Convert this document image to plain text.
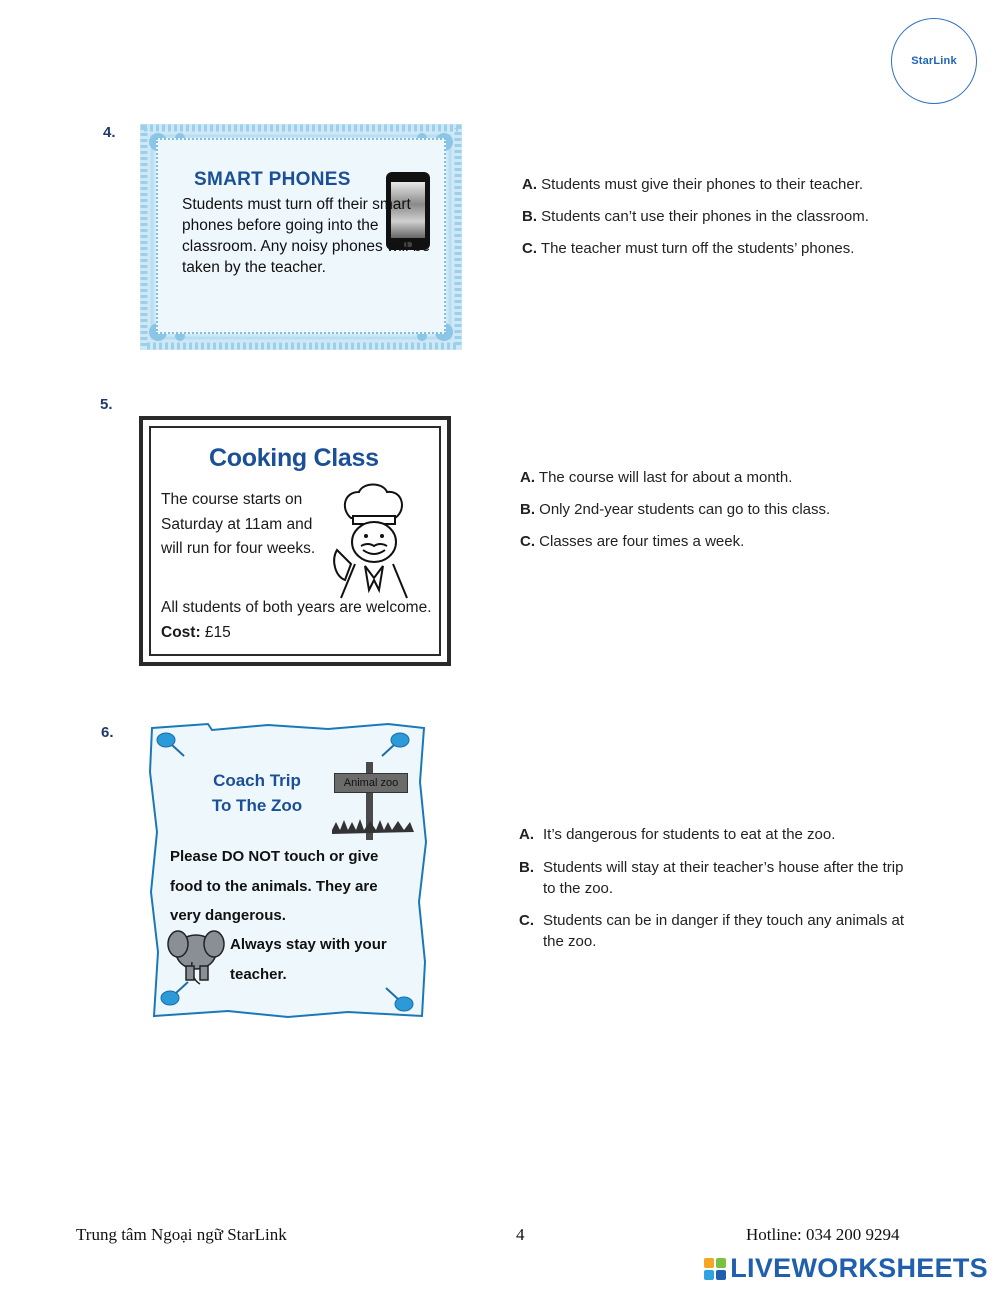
StarLink
4.
SMART PHONES
Students must turn off their smart phones before going into the classroom. Any noisy phones will be taken by the teacher.
A. Students must give their phones to their teacher.
B. Students can’t use their phones in the classroom.
C. The teacher must turn off the students’ phones.
5.
Cooking Class
The course starts on Saturday at 11am and will run for four weeks.
All students of both years are welcome. Cost: £15
A. The course will last for about a month.
B. Only 2nd-year students can go to this class.
C. Classes are four times a week.
6.
Animal zoo
Coach Trip
To The Zoo
Please DO NOT touch or give food to the animals. They are very dangerous.
Always stay with your teacher.
A. It’s dangerous for students to eat at the zoo.
B. Students will stay at their teacher’s house after the trip to the zoo.
C. Students can be in danger if they touch any animals at the zoo.
Trung tâm Ngoại ngữ StarLink	4	Hotline: 034 200 9294
LIVEWORKSHEETS
